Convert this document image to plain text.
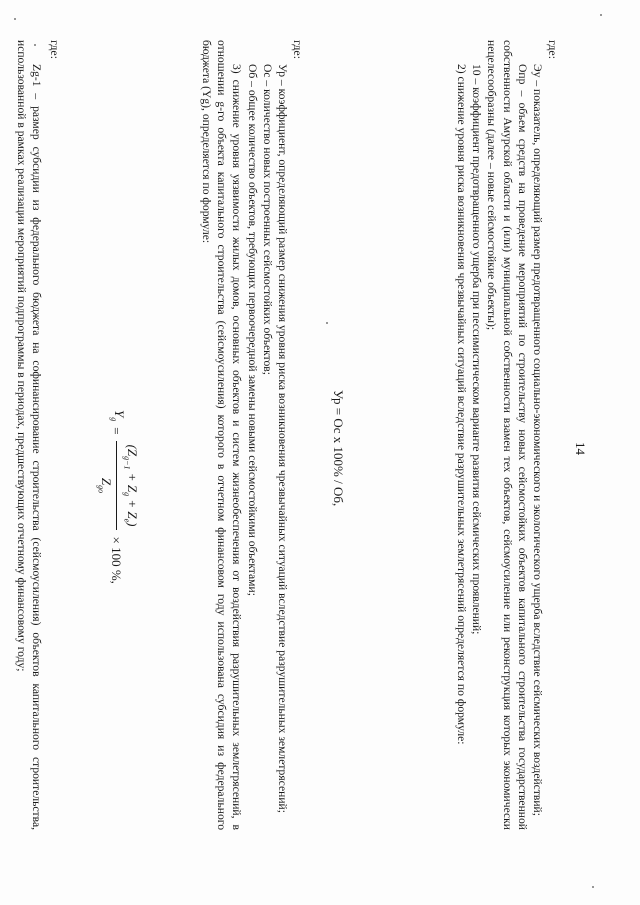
14
где:

Эу – показатель, определяющий размер предотвращенного социально-экономического и экологического ущерба вследствие сейсмических воздействий;

Опр – объем средств на проведение мероприятий по строительству новых сейсмостойких объектов капитального строительства государственной собственности Амурской области и (или) муниципальной собственности взамен тех объектов, сейсмоусиление или реконструкция которых экономически нецелесообразны (далее – новые сейсмостойкие объекты);

10 – коэффициент предотвращенного ущерба при пессимистическом варианте развития сейсмических проявлений;

2) снижение уровня риска возникновения чрезвычайных ситуаций вследствие разрушительных землетрясений определяется по формуле:

Ур = Ос x 100% / Об,
где:

Ур – коэффициент, определяющий размер снижения уровня риска возникновения чрезвычайных ситуаций вследствие разрушительных землетрясений;

Ос – количество новых построенных сейсмостойких объектов;

Об – общее количество объектов, требующих первоочередной замены новыми сейсмостойкими объектами;

3) снижение уровня уязвимости жилых домов, основных объектов и систем жизнеобеспечения от воздействия разрушительных землетрясений, в отношении g-го объекта капитального строительства (сейсмоусиления) которого в отчетном финансовом году использована субсидия из федерального бюджета (Yg), определяется по формуле:

$Y_g$
=
$(Z_{g-1} + Z_g + Z_e)$
$Z_{go}$
× 100 %,
где:

Zg-1 – размер субсидии из федерального бюджета на софинансирование строительства (сейсмоусиления) объектов капитального строительства, использованной в рамках реализации мероприятий подпрограммы в периодах, предшествующих отчетному финансовому году;
